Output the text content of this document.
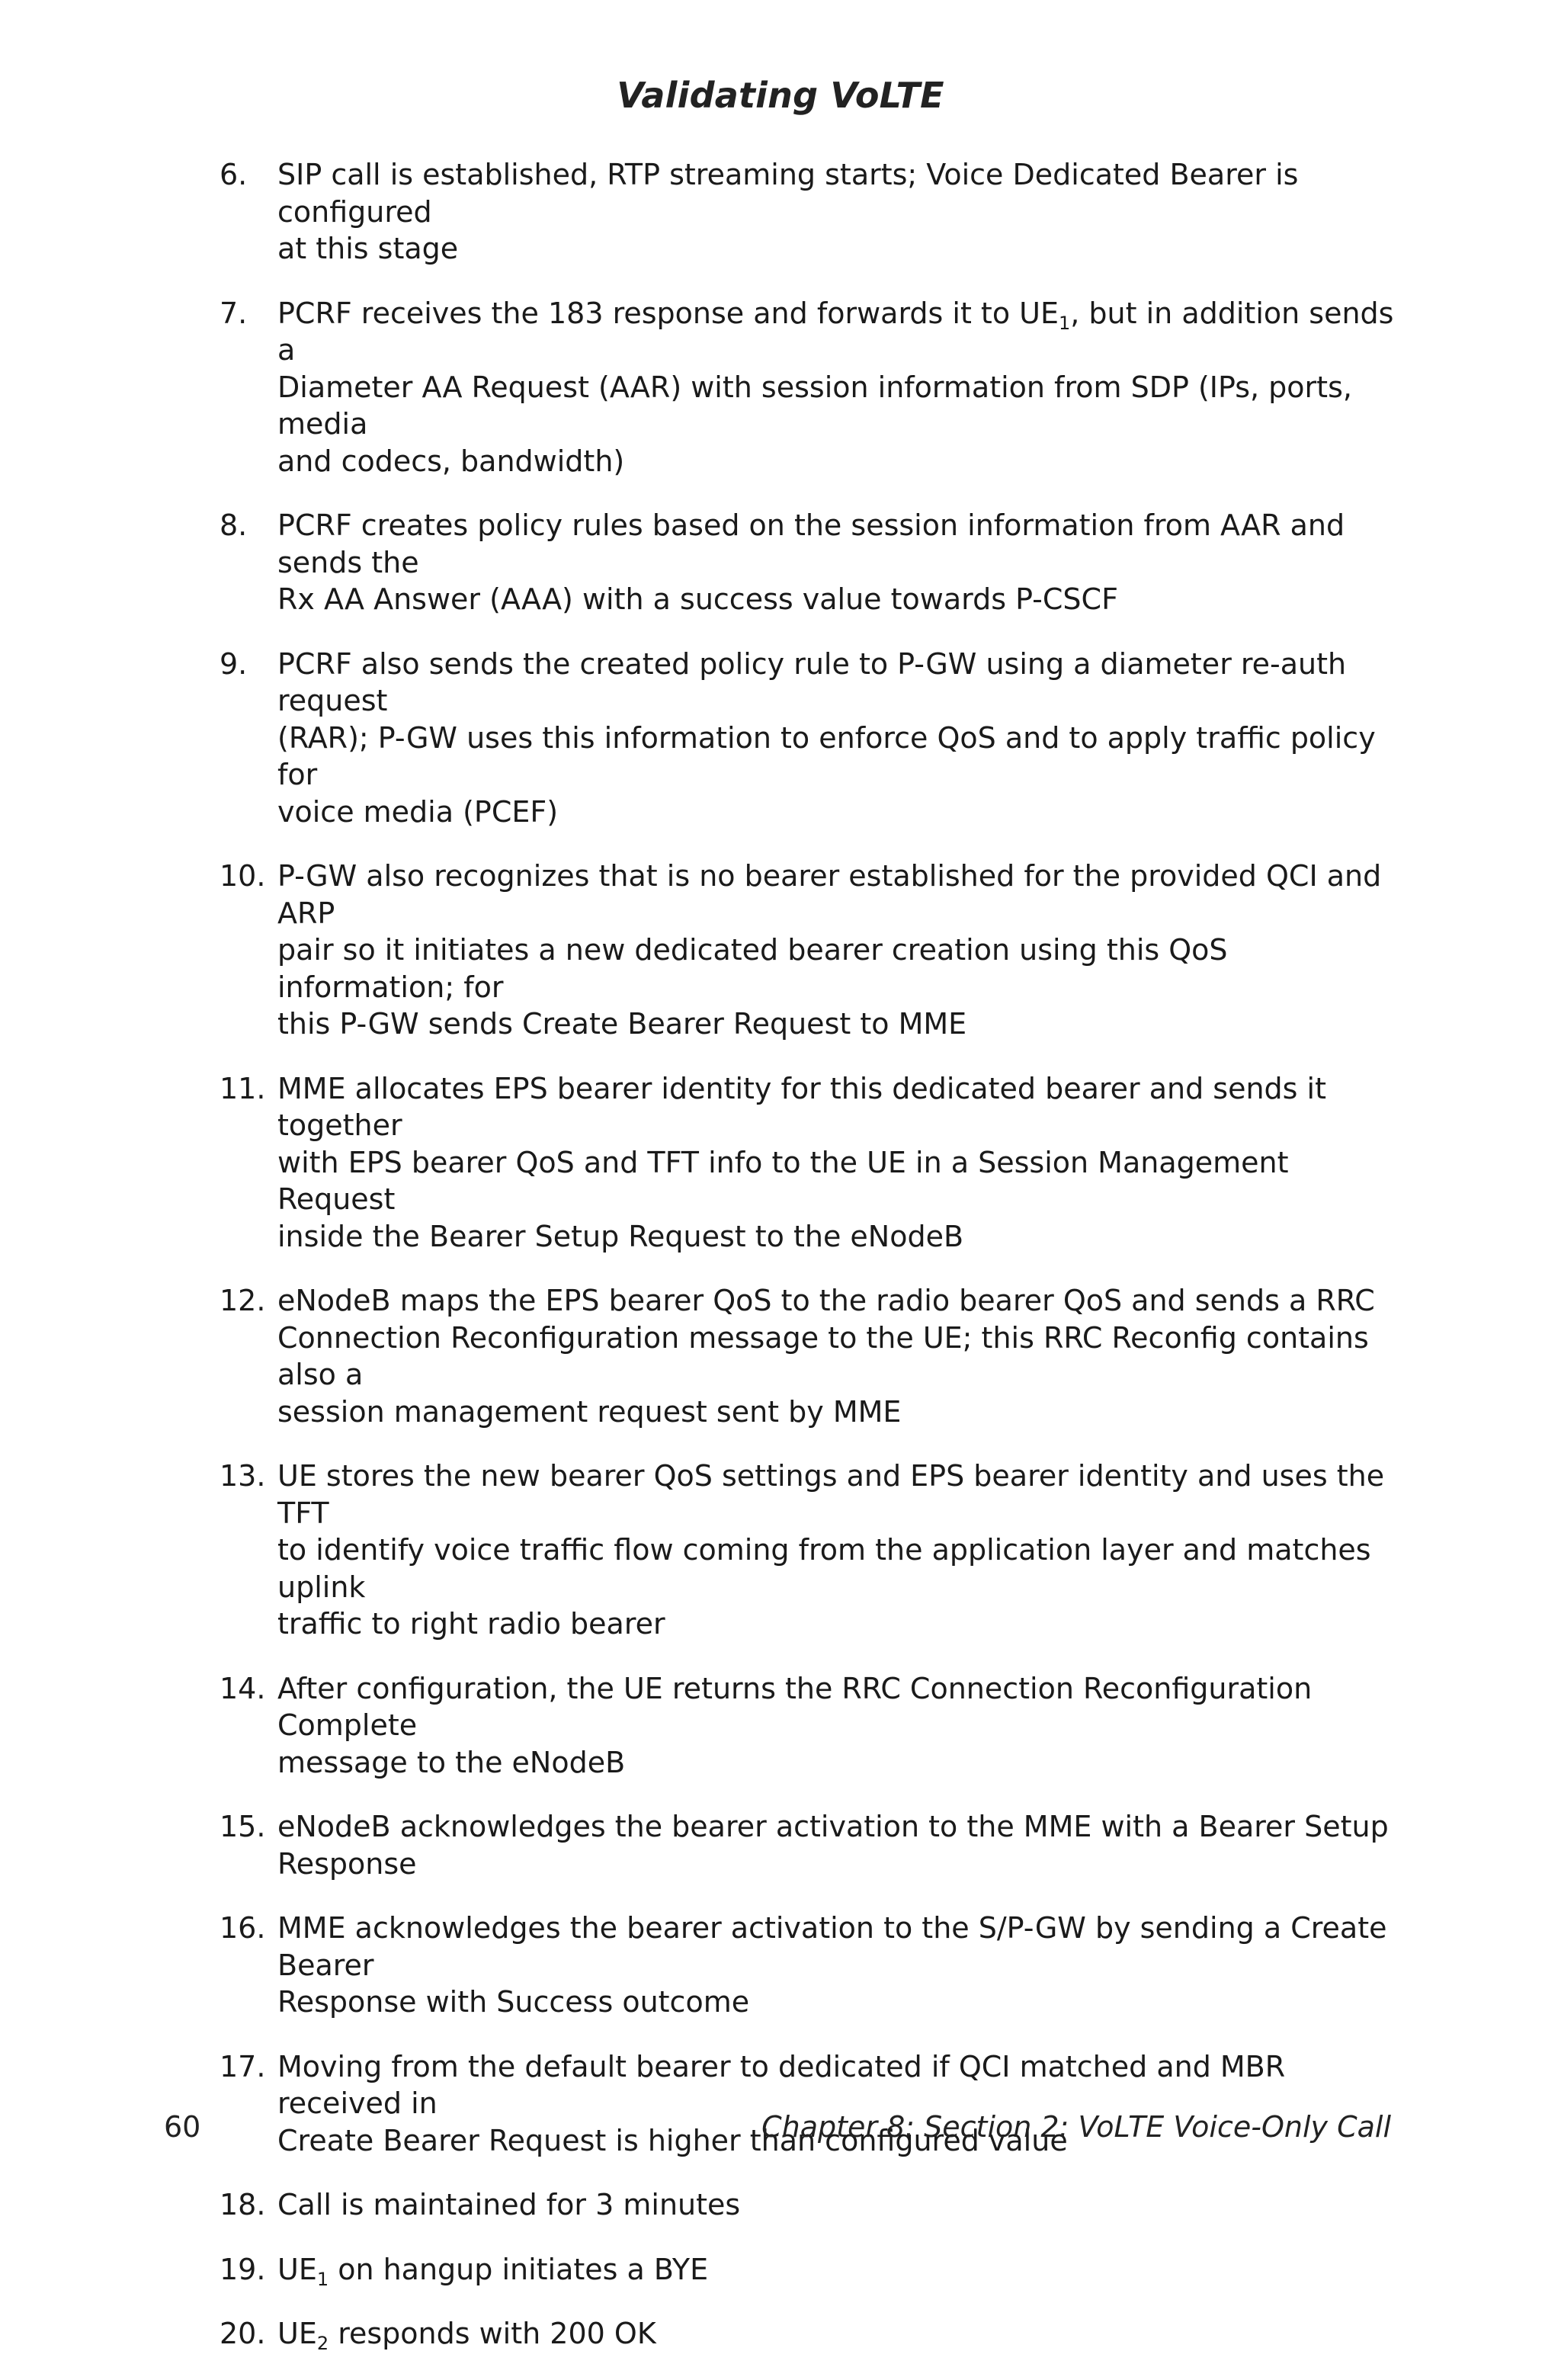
Validating VoLTE
6.	SIP call is established, RTP streaming starts; Voice Dedicated Bearer is configured
at this stage
7.	PCRF receives the 183 response and forwards it to $UE_1$, but in addition sends a
Diameter AA Request (AAR) with session information from SDP (IPs, ports, media
and codecs, bandwidth)
8.	PCRF creates policy rules based on the session information from AAR and sends the
Rx AA Answer (AAA) with a success value towards P-CSCF
9.	PCRF also sends the created policy rule to P-GW using a diameter re-auth request
(RAR); P-GW uses this information to enforce QoS and to apply traffic policy for
voice media (PCEF)
10. P-GW also recognizes that is no bearer established for the provided QCI and ARP
pair so it initiates a new dedicated bearer creation using this QoS information; for
this P-GW sends Create Bearer Request to MME
11. MME allocates EPS bearer identity for this dedicated bearer and sends it together
with EPS bearer QoS and TFT info to the UE in a Session Management Request
inside the Bearer Setup Request to the eNodeB
12. eNodeB maps the EPS bearer QoS to the radio bearer QoS and sends a RRC
Connection Reconfiguration message to the UE; this RRC Reconfig contains also a
session management request sent by MME
13. UE stores the new bearer QoS settings and EPS bearer identity and uses the TFT
to identify voice traffic flow coming from the application layer and matches uplink
traffic to right radio bearer
14. After configuration, the UE returns the RRC Connection Reconfiguration Complete
message to the eNodeB
15. eNodeB acknowledges the bearer activation to the MME with a Bearer Setup
Response
16. MME acknowledges the bearer activation to the S/P-GW by sending a Create Bearer
Response with Success outcome
17. Moving from the default bearer to dedicated if QCI matched and MBR received in
Create Bearer Request is higher than configured value
18. Call is maintained for 3 minutes
19. $UE_1$ on hangup initiates a BYE
20. $UE_2$ responds with 200 OK
60	Chapter 8: Section 2: VoLTE Voice-Only Call
